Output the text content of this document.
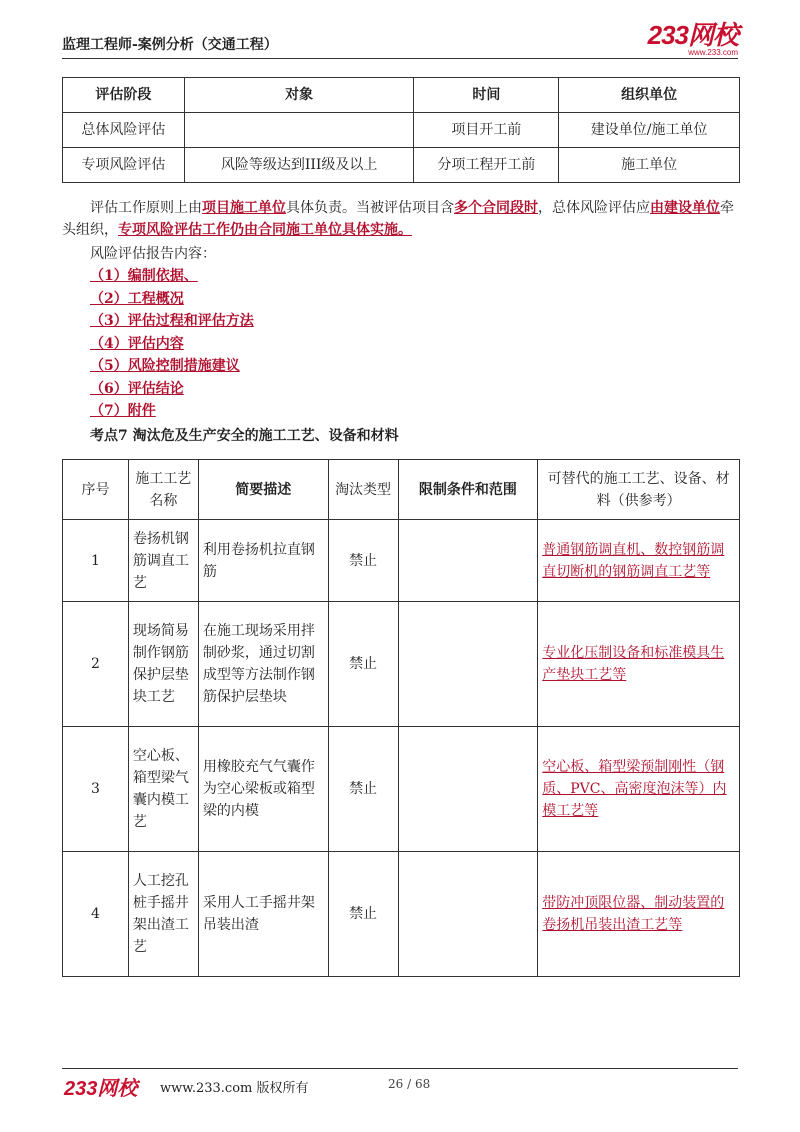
监理工程师-案例分析（交通工程）	233网校
www.233.com
评估阶段	对象	时间	组织单位
总体风险评估		项目开工前	建设单位/施工单位
专项风险评估	风险等级达到III级及以上	分项工程开工前	施工单位
评估工作原则上由项目施工单位具体负责。当被评估项目含多个合同段时，总体风险评估应由建设单位牵头组织，专项风险评估工作仍由合同施工单位具体实施。
风险评估报告内容：
（1）编制依据、
（2）工程概况
（3）评估过程和评估方法
（4）评估内容
（5）风险控制措施建议
（6）评估结论
（7）附件
考点7 淘汰危及生产安全的施工工艺、设备和材料
序号	施工工艺名称	简要描述	淘汰类型	限制条件和范围	可替代的施工工艺、设备、材料（供参考）
1	卷扬机钢筋调直工艺	利用卷扬机拉直钢筋	禁止		普通钢筋调直机、数控钢筋调直切断机的钢筋调直工艺等
2	现场简易制作钢筋保护层垫块工艺	在施工现场采用拌制砂浆，通过切割成型等方法制作钢筋保护层垫块	禁止		专业化压制设备和标准模具生产垫块工艺等
3	空心板、箱型梁气囊内模工艺	用橡胶充气气囊作为空心梁板或箱型梁的内模	禁止		空心板、箱型梁预制刚性（钢质、PVC、高密度泡沫等）内模工艺等
4	人工挖孔桩手摇井架出渣工艺	采用人工手摇井架吊装出渣	禁止		带防冲顶限位器、制动装置的卷扬机吊装出渣工艺等
233网校 www.233.com 版权所有	26 / 68
